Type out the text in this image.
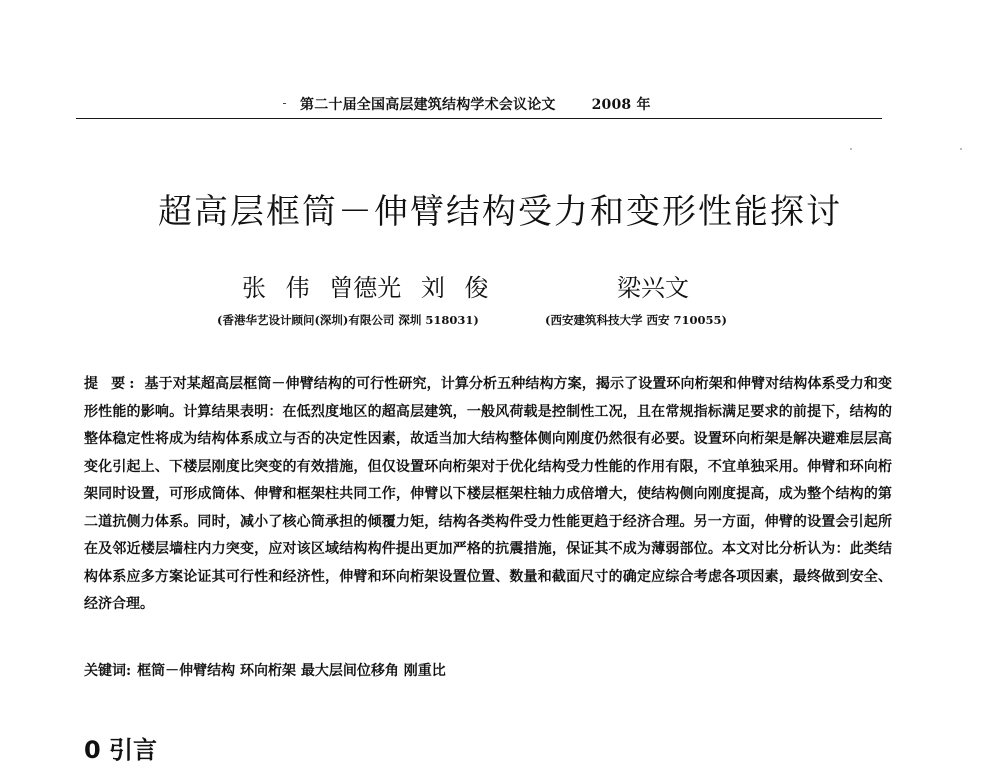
第二十届全国高层建筑结构学术会议论文	2008 年
超高层框筒－伸臂结构受力和变形性能探讨
张 伟 曾德光 刘 俊	梁兴文
(香港华艺设计顾问(深圳)有限公司 深圳 518031)	(西安建筑科技大学 西安 710055)

提 要: 基于对某超高层框筒－伸臂结构的可行性研究，计算分析五种结构方案，揭示了设置环向桁架和伸臂对结构体系受力和变形性能的影响。计算结果表明：在低烈度地区的超高层建筑，一般风荷载是控制性工况，且在常规指标满足要求的前提下，结构的整体稳定性将成为结构体系成立与否的决定性因素，故适当加大结构整体侧向刚度仍然很有必要。设置环向桁架是解决避难层层高变化引起上、下楼层刚度比突变的有效措施，但仅设置环向桁架对于优化结构受力性能的作用有限，不宜单独采用。伸臂和环向桁架同时设置，可形成筒体、伸臂和框架柱共同工作，伸臂以下楼层框架柱轴力成倍增大，使结构侧向刚度提高，成为整个结构的第二道抗侧力体系。同时，减小了核心筒承担的倾覆力矩，结构各类构件受力性能更趋于经济合理。另一方面，伸臂的设置会引起所在及邻近楼层墙柱内力突变，应对该区域结构构件提出更加严格的抗震措施，保证其不成为薄弱部位。本文对比分析认为：此类结构体系应多方案论证其可行性和经济性，伸臂和环向桁架设置位置、数量和截面尺寸的确定应综合考虑各项因素，最终做到安全、经济合理。

关键词: 框筒－伸臂结构 环向桁架 最大层间位移角 刚重比

0 引言
